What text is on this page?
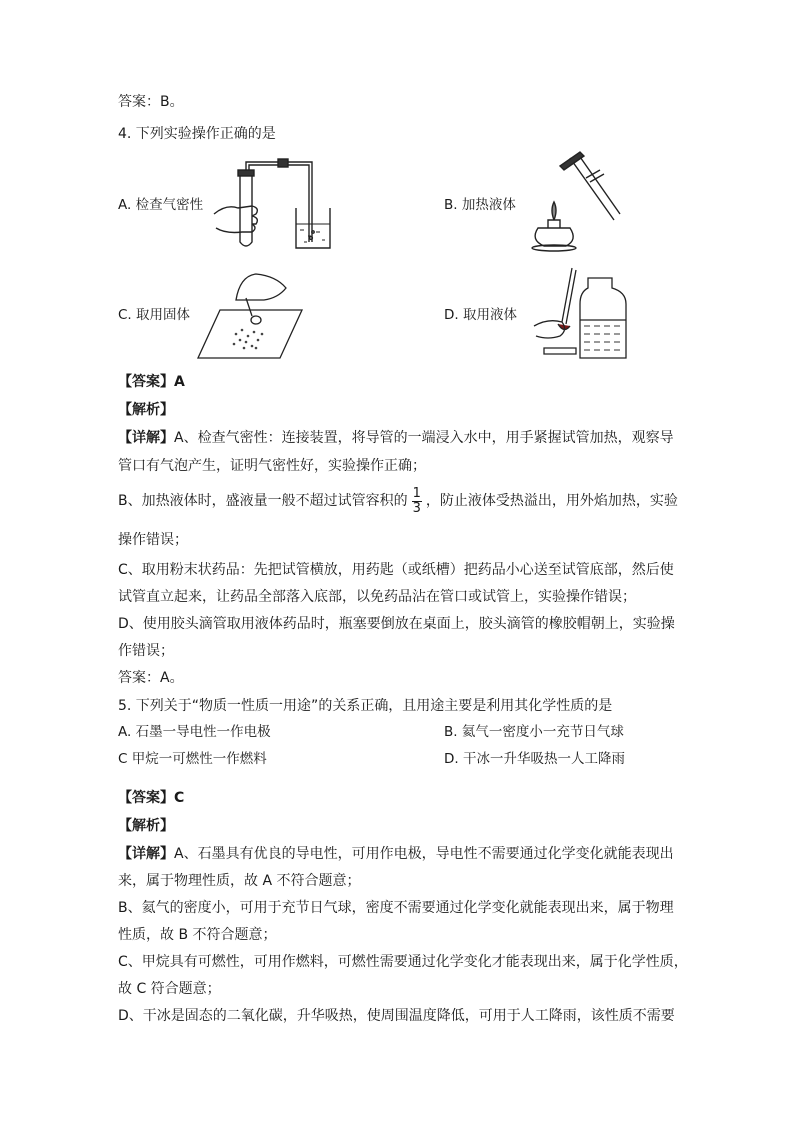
答案：B。
4. 下列实验操作正确的是
A. 检查气密性	B. 加热液体
C. 取用固体	D. 取用液体
【答案】A
【解析】
【详解】A、检查气密性：连接装置，将导管的一端浸入水中，用手紧握试管加热，观察导
管口有气泡产生，证明气密性好，实验操作正确；
B、加热液体时，盛液量一般不超过试管容积的 $\frac{1}{3}$ ，防止液体受热溢出，用外焰加热，实验
操作错误；
C、取用粉末状药品：先把试管横放，用药匙（或纸槽）把药品小心送至试管底部，然后使
试管直立起来，让药品全部落入底部，以免药品沾在管口或试管上，实验操作错误；
D、使用胶头滴管取用液体药品时，瓶塞要倒放在桌面上，胶头滴管的橡胶帽朝上，实验操
作错误；
答案：A。
5. 下列关于“物质一性质一用途”的关系正确，且用途主要是利用其化学性质的是
A. 石墨一导电性一作电极	B. 氦气一密度小一充节日气球
C 甲烷一可燃性一作燃料	D. 干冰一升华吸热一人工降雨
【答案】C
【解析】
【详解】A、石墨具有优良的导电性，可用作电极，导电性不需要通过化学变化就能表现出
来，属于物理性质，故 A 不符合题意；
B、氦气的密度小，可用于充节日气球，密度不需要通过化学变化就能表现出来，属于物理
性质，故 B 不符合题意；
C、甲烷具有可燃性，可用作燃料，可燃性需要通过化学变化才能表现出来，属于化学性质，
故 C 符合题意；
D、干冰是固态的二氧化碳，升华吸热，使周围温度降低，可用于人工降雨，该性质不需要
